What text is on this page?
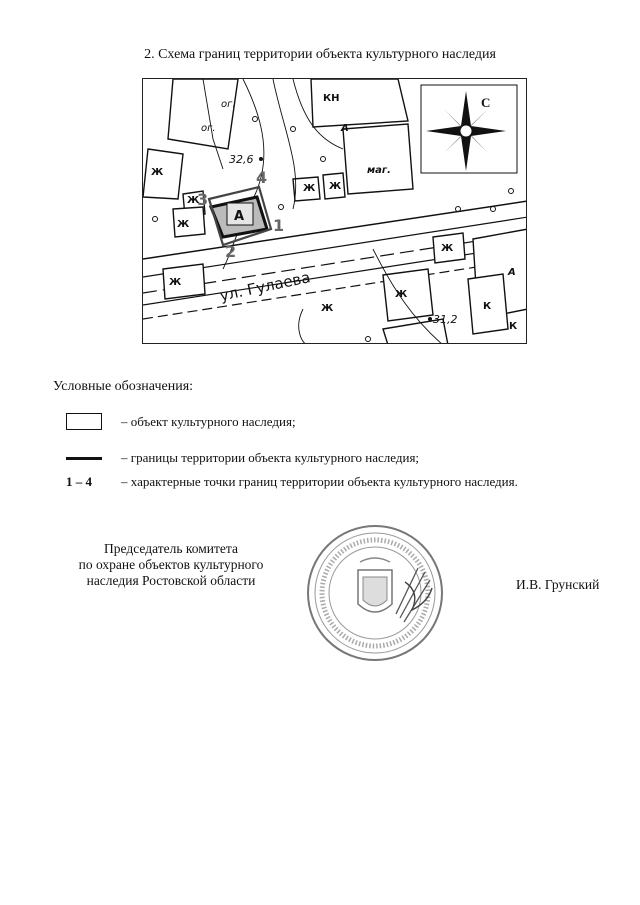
2. Схема границ территории объекта культурного наследия
С
А 1
2
3
4
ул. Гулаева
32,6
31,2
ог.
ог.
КН
А
маг.
Ж
Ж
Ж Ж
Ж
Ж
Ж
Ж
Ж
А
К
К
Условные обозначения:
– объект культурного наследия;
– границы территории объекта культурного наследия;
1 – 4 – характерные точки границ территории объекта культурного наследия.
Председатель комитета
по охране объектов культурного
наследия Ростовской области	И.В. Грунский
